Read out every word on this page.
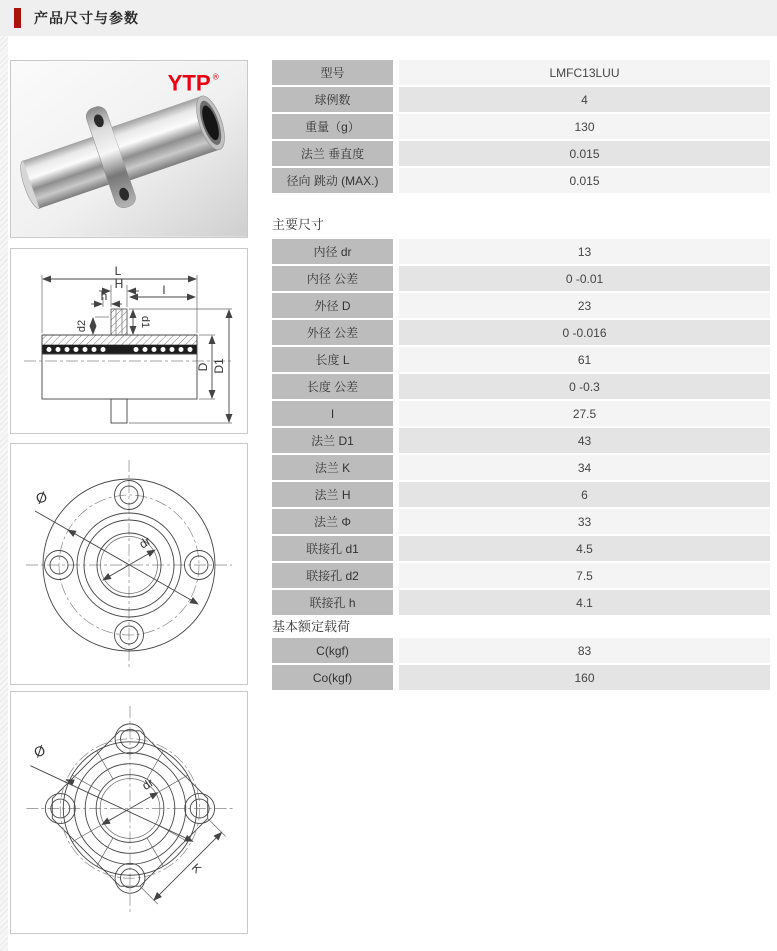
产品尺寸与参数
YTP ®
L
H	l
h
d1
d2
D D1
Ø
dr
Ø
dr
K
型号	LMFC13LUU
球例数	4
重量（g）	130
法兰 垂直度	0.015
径向 跳动 (MAX.)	0.015
主要尺寸
内径 dr	13
内径 公差	0 -0.01
外径 D	23
外径 公差	0 -0.016
长度 L	61
长度 公差	0 -0.3
I	27.5
法兰 D1	43
法兰 K	34
法兰 H	6
法兰 Φ	33
联接孔 d1	4.5
联接孔 d2	7.5
联接孔 h	4.1
基本额定载荷
C(kgf)	83
Co(kgf)	160
